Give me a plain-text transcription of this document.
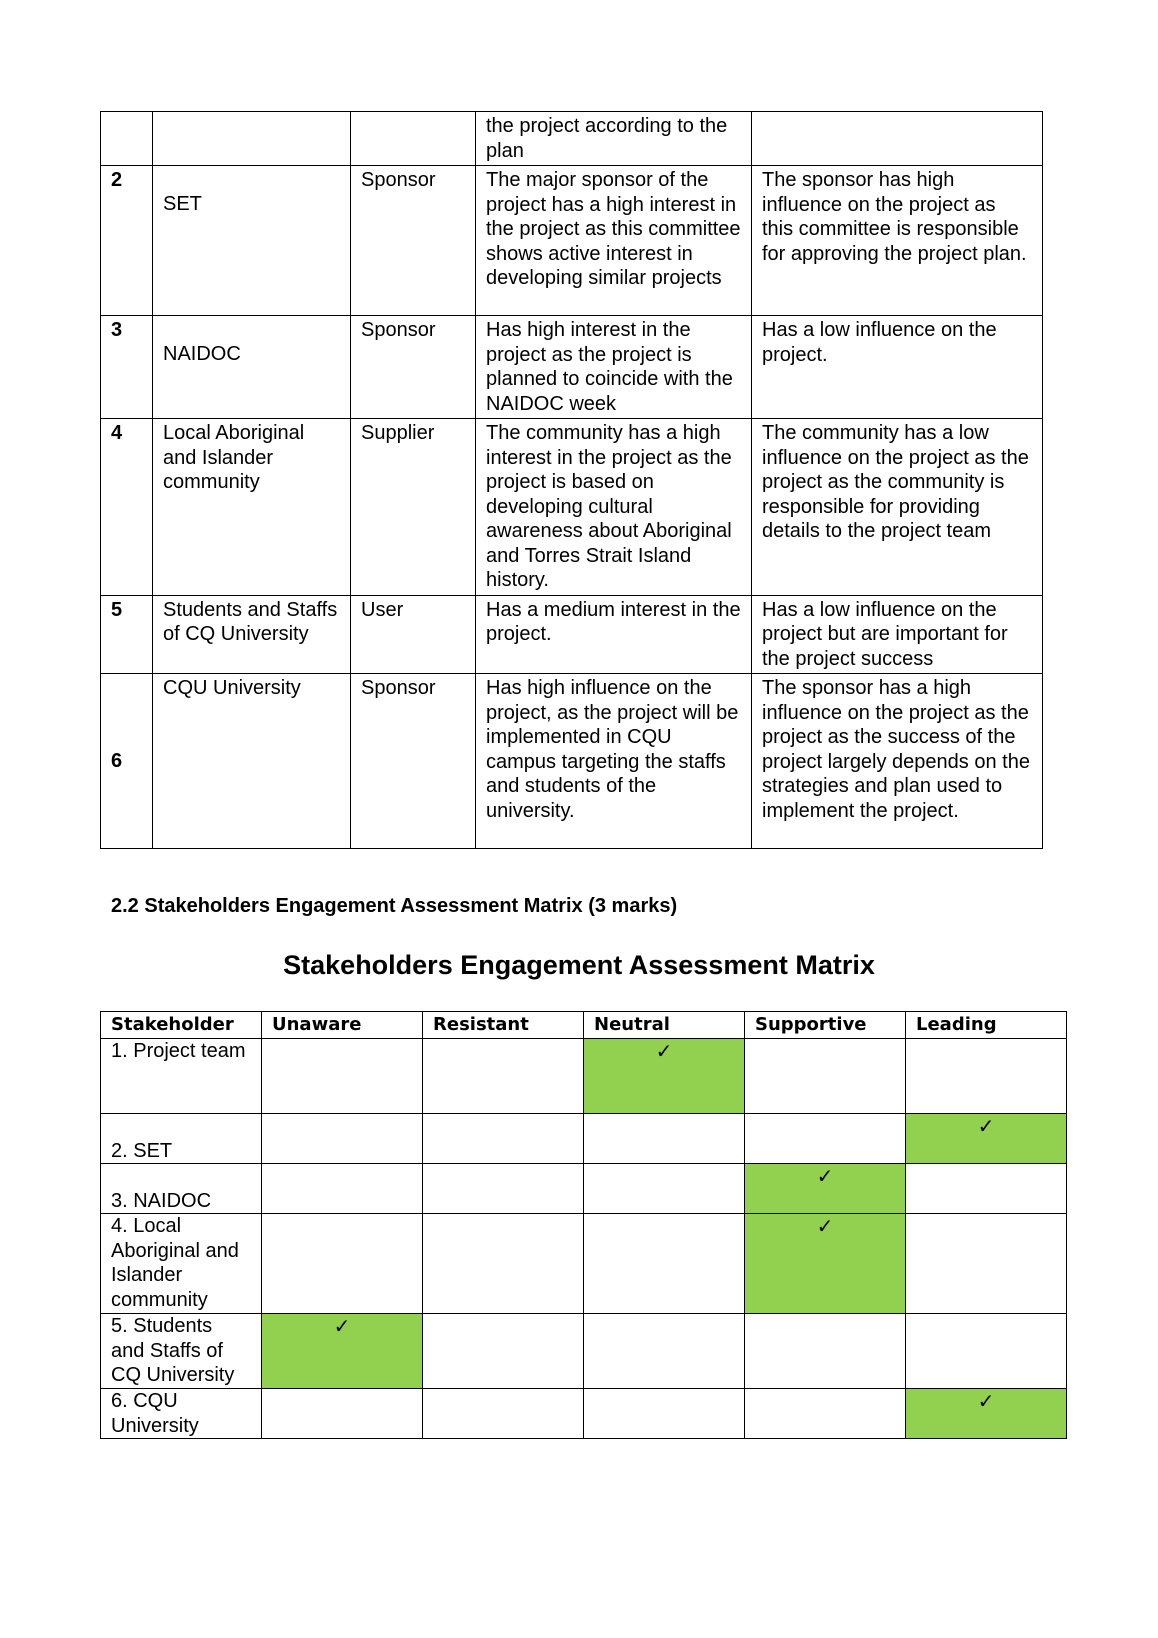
			the project according to the plan	
2	SET	Sponsor	The major sponsor of the project has a high interest in the project as this committee shows active interest in developing similar projects	The sponsor has high influence on the project as this committee is responsible for approving the project plan.
3	NAIDOC	Sponsor	Has high interest in the project as the project is planned to coincide with the NAIDOC week	Has a low influence on the project.
4	Local Aboriginal and Islander community	Supplier	The community has a high interest in the project as the project is based on developing cultural awareness about Aboriginal and Torres Strait Island history.	The community has a low influence on the project as the project as the community is responsible for providing details to the project team
5	Students and Staffs of CQ University	User	Has a medium interest in the project.	Has a low influence on the project but are important for the project success
6	CQU University	Sponsor	Has high influence on the project, as the project will be implemented in CQU campus targeting the staffs and students of the university.	The sponsor has a high influence on the project as the project as the success of the project largely depends on the strategies and plan used to implement the project.

2.2 Stakeholders Engagement Assessment Matrix (3 marks)

Stakeholders Engagement Assessment Matrix

Stakeholder	Unaware	Resistant	Neutral	Supportive	Leading
1. Project team			✓		

2. SET					✓

3. NAIDOC				✓	

4. Local Aboriginal and Islander community				✓	

5. Students and Staffs of CQ University	✓				

6. CQU University					✓
